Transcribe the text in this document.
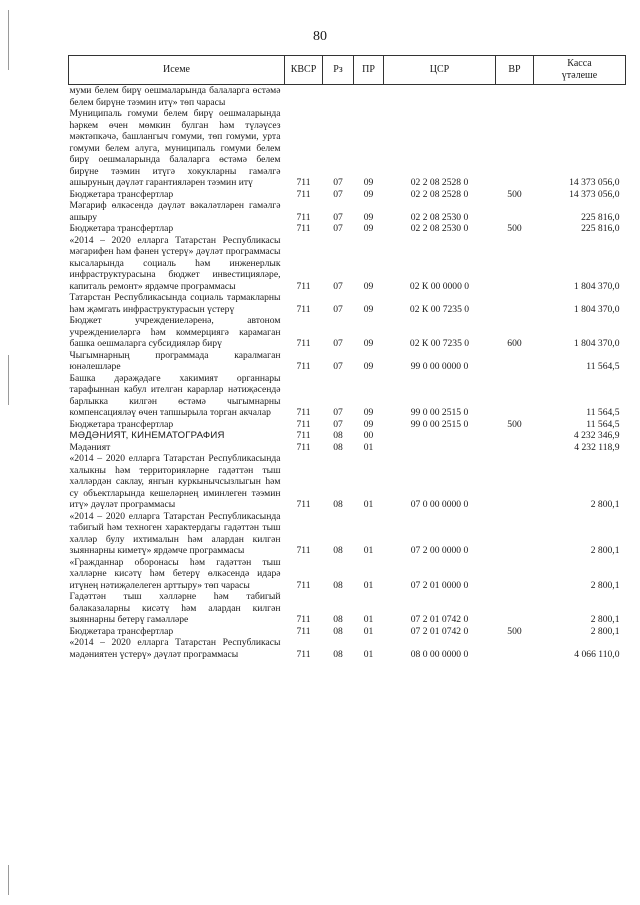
80
Исеме	КВСР	Рз	ПР	ЦСР	ВР	Касса
үтәлеше
муми белем бирү оешмаларында балаларга өстәмә белем бирүне тәэмин итү» төп чарасы						
Муниципаль гомуми белем бирү оешмаларында һәркем өчен мөмкин булган һәм түләүсез мәктәпкәчә, башлангыч гомуми, төп гомуми, урта гомуми белем алуга, муниципаль гомуми белем бирү оешмаларында балаларга өстәмә белем бирүне тәэмин итүгә хокукларны гамәлгә ашыруның дәүләт гарантияләрен тәэмин итү	711	07	09	02 2 08 2528 0		14 373 056,0
Бюджетара трансфертлар	711	07	09	02 2 08 2528 0	500	14 373 056,0
Мәгариф өлкәсендә дәүләт вәкаләтләрен гамәлгә ашыру	711	07	09	02 2 08 2530 0		225 816,0
Бюджетара трансфертлар	711	07	09	02 2 08 2530 0	500	225 816,0
«2014 – 2020 елларга Татарстан Республикасы мәгарифен һәм фәнен үстерү» дәүләт программасы кысаларында социаль һәм инженерлык инфраструктурасына бюджет инвестицияләре, капиталь ремонт» ярдәмче программасы	711	07	09	02 К 00 0000 0		1 804 370,0
Татарстан Республикасында социаль тармакларны һәм җәмгать инфраструктурасын үстерү	711	07	09	02 К 00 7235 0		1 804 370,0
Бюджет учреждениеләренә, автоном учреждениеләргә һәм коммерциягә карамаган башка оешмаларга субсидияләр бирү	711	07	09	02 К 00 7235 0	600	1 804 370,0
Чыгымнарның программада каралмаган юнәлешләре	711	07	09	99 0 00 0000 0		11 564,5
Башка дәрәҗәдәге хакимият органнары тарафыннан кабул ителгән карарлар нәтиҗәсендә барлыкка килгән өстәмә чыгымнарны компенсацияләү өчен тапшырыла торган акчалар	711	07	09	99 0 00 2515 0		11 564,5
Бюджетара трансфертлар	711	07	09	99 0 00 2515 0	500	11 564,5
МӘДӘНИЯТ, КИНЕМАТОГРАФИЯ	711	08	00			4 232 346,9
Мәдәният	711	08	01			4 232 118,9
«2014 – 2020 елларга Татарстан Республикасында халыкны һәм территорияләрне гадәттән тыш хәлләрдән саклау, янгын куркынычсызлыгын һәм су объектларында кешеләрнең иминлеген тәэмин итү» дәүләт программасы	711	08	01	07 0 00 0000 0		2 800,1
«2014 – 2020 елларга Татарстан Республикасында табигый һәм техноген характердагы гадәттән тыш хәлләр булу ихтималын һәм алардан килгән зыяннарны киметү» ярдәмче программасы	711	08	01	07 2 00 0000 0		2 800,1
«Гражданнар оборонасы һәм гадәттән тыш хәлләрне кисәтү һәм бетерү өлкәсендә идарә итүнең нәтиҗәлелеген арттыру» төп чарасы	711	08	01	07 2 01 0000 0		2 800,1
Гадәттән тыш хәлләрне һәм табигый бәлаказаларны кисәтү һәм алардан килгән зыяннарны бетерү гамәлләре	711	08	01	07 2 01 0742 0		2 800,1
Бюджетара трансфертлар	711	08	01	07 2 01 0742 0	500	2 800,1
«2014 – 2020 елларга Татарстан Республикасы мәдәниятен үстерү» дәүләт программасы	711	08	01	08 0 00 0000 0		4 066 110,0
